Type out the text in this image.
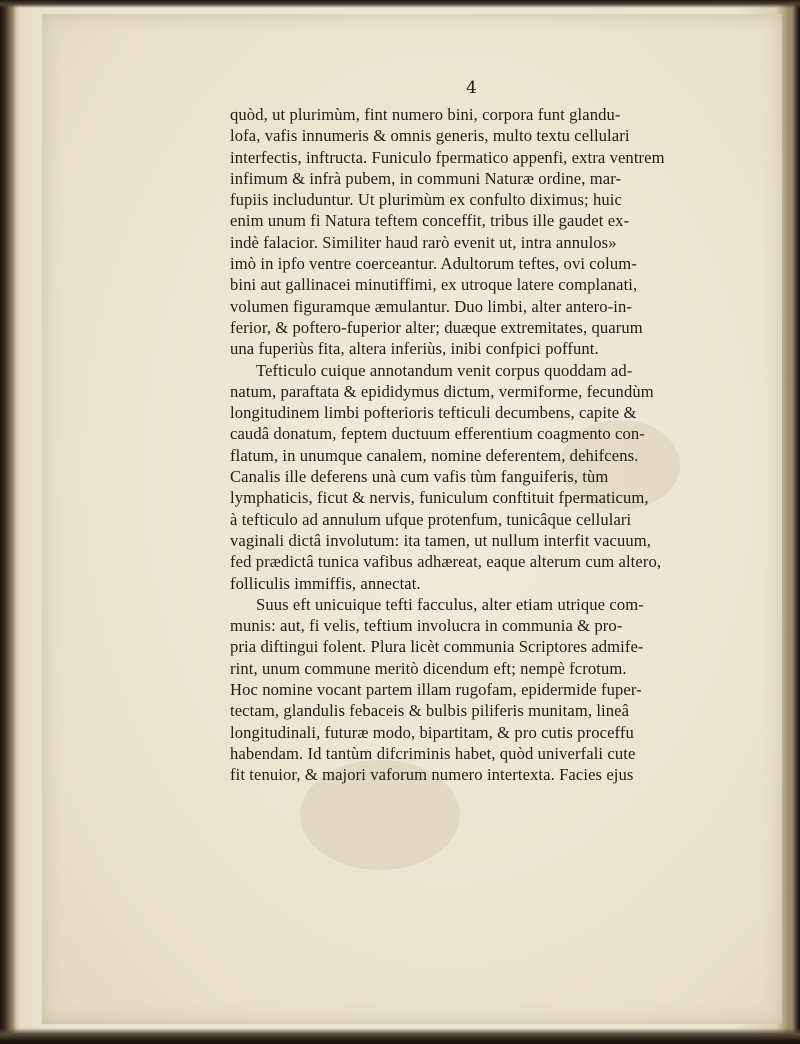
4
quòd, ut plurimùm, fint numero bini, corpora funt glandu-
lofa, vafis innumeris & omnis generis, multo textu cellulari
interfectis, inftructa. Funiculo fpermatico appenfi, extra ventrem
infimum & infrà pubem, in communi Naturæ ordine, mar-
fupiis includuntur. Ut plurimùm ex confulto diximus; huic
enim unum fi Natura teftem conceffit, tribus ille gaudet ex-
indè falacior. Similiter haud rarò evenit ut, intra annulos»
imò in ipfo ventre coerceantur. Adultorum teftes, ovi colum-
bini aut gallinacei minutiffimi, ex utroque latere complanati,
volumen figuramque æmulantur. Duo limbi, alter antero-in-
ferior, & poftero-fuperior alter; duæque extremitates, quarum
una fuperiùs fita, altera inferiùs, inibi confpici poffunt.
Tefticulo cuique annotandum venit corpus quoddam ad-
natum, paraftata & epididymus dictum, vermiforme, fecundùm
longitudinem limbi pofterioris tefticuli decumbens, capite &
caudâ donatum, feptem ductuum efferentium coagmento con-
flatum, in unumque canalem, nomine deferentem, dehifcens.
Canalis ille deferens unà cum vafis tùm fanguiferis, tùm
lymphaticis, ficut & nervis, funiculum conftituit fpermaticum,
à tefticulo ad annulum ufque protenfum, tunicâque cellulari
vaginali dictâ involutum: ita tamen, ut nullum interfit vacuum,
fed prædictâ tunica vafibus adhæreat, eaque alterum cum altero,
folliculis immiffis, annectat.
Suus eft unicuique tefti facculus, alter etiam utrique com-
munis: aut, fi velis, teftium involucra in communia & pro-
pria diftingui folent. Plura licèt communia Scriptores admife-
rint, unum commune meritò dicendum eft; nempè fcrotum.
Hoc nomine vocant partem illam rugofam, epidermide fuper-
tectam, glandulis febaceis & bulbis piliferis munitam, lineâ
longitudinali, futuræ modo, bipartitam, & pro cutis proceffu
habendam. Id tantùm difcriminis habet, quòd univerfali cute
fit tenuior, & majori vaforum numero intertexta. Facies ejus
